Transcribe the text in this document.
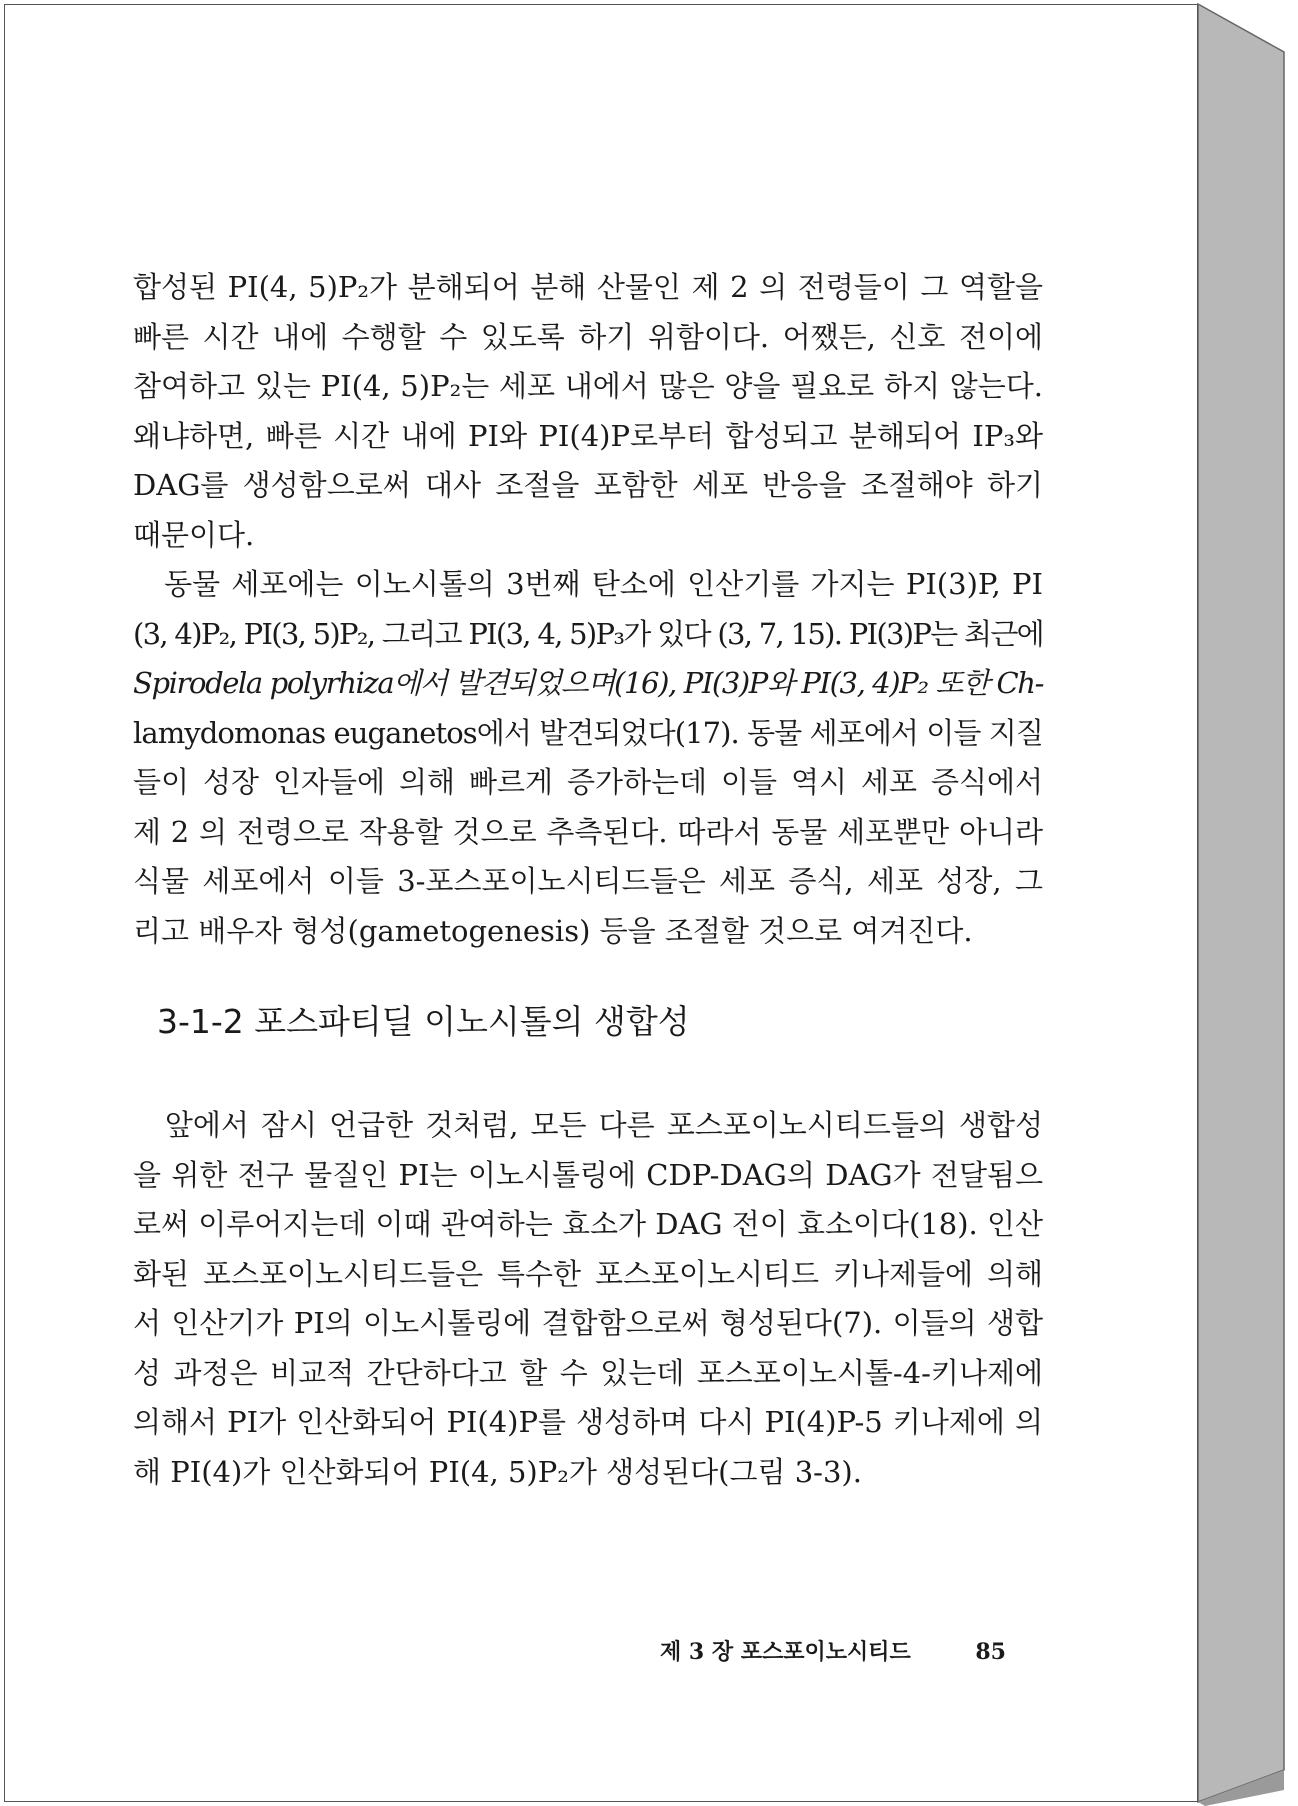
합성된 PI(4, 5)P₂가 분해되어 분해 산물인 제 2 의 전령들이 그 역할을
빠른 시간 내에 수행할 수 있도록 하기 위함이다. 어쨌든, 신호 전이에
참여하고 있는 PI(4, 5)P₂는 세포 내에서 많은 양을 필요로 하지 않는다.
왜냐하면, 빠른 시간 내에 PI와 PI(4)P로부터 합성되고 분해되어 IP₃와
DAG를 생성함으로써 대사 조절을 포함한 세포 반응을 조절해야 하기
때문이다.
　동물 세포에는 이노시톨의 3번째 탄소에 인산기를 가지는 PI(3)P, PI
(3, 4)P₂, PI(3, 5)P₂, 그리고 PI(3, 4, 5)P₃가 있다 (3, 7, 15). PI(3)P는 최근에
Spirodela polyrhiza에서 발견되었으며(16), PI(3)P와 PI(3, 4)P₂ 또한 Ch-
lamydomonas euganetos에서 발견되었다(17). 동물 세포에서 이들 지질
들이 성장 인자들에 의해 빠르게 증가하는데 이들 역시 세포 증식에서
제 2 의 전령으로 작용할 것으로 추측된다. 따라서 동물 세포뿐만 아니라
식물 세포에서 이들 3-포스포이노시티드들은 세포 증식, 세포 성장, 그
리고 배우자 형성(gametogenesis) 등을 조절할 것으로 여겨진다.
3-1-2 포스파티딜 이노시톨의 생합성
　앞에서 잠시 언급한 것처럼, 모든 다른 포스포이노시티드들의 생합성
을 위한 전구 물질인 PI는 이노시톨링에 CDP-DAG의 DAG가 전달됨으
로써 이루어지는데 이때 관여하는 효소가 DAG 전이 효소이다(18). 인산
화된 포스포이노시티드들은 특수한 포스포이노시티드 키나제들에 의해
서 인산기가 PI의 이노시톨링에 결합함으로써 형성된다(7). 이들의 생합
성 과정은 비교적 간단하다고 할 수 있는데 포스포이노시톨-4-키나제에
의해서 PI가 인산화되어 PI(4)P를 생성하며 다시 PI(4)P-5 키나제에 의
해 PI(4)가 인산화되어 PI(4, 5)P₂가 생성된다(그림 3-3).
제 3 장 포스포이노시티드	85
